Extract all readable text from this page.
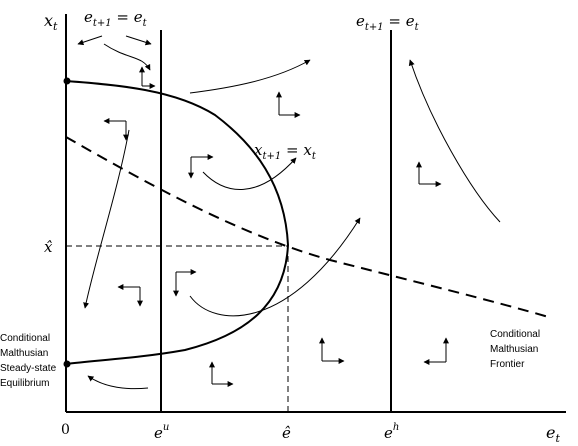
$x_t$
$e_t$
0	$e^u$	ê	$e^h$
x̂
$e_{t+1} = e_t$	$e_{t+1} = e_t$
$x_{t+1} = x_t$
Conditional Malthusian Steady-state Equilibrium
Conditional Malthusian Frontier
